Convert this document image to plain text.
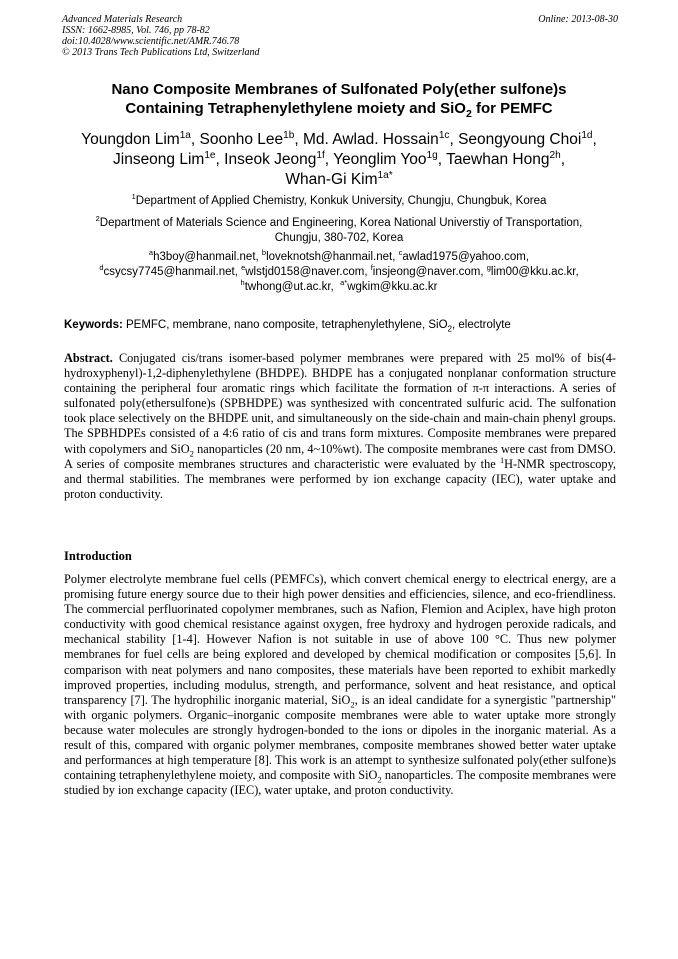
Advanced Materials Research
ISSN: 1662-8985, Vol. 746, pp 78-82
doi:10.4028/www.scientific.net/AMR.746.78
© 2013 Trans Tech Publications Ltd, Switzerland
Online: 2013-08-30
Nano Composite Membranes of Sulfonated Poly(ether sulfone)s
Containing Tetraphenylethylene moiety and SiO$_2$ for PEMFC
Youngdon Lim$^{1a}$, Soonho Lee$^{1b}$, Md. Awlad. Hossain$^{1c}$, Seongyoung Choi$^{1d}$,
Jinseong Lim$^{1e}$, Inseok Jeong$^{1f}$, Yeonglim Yoo$^{1g}$, Taewhan Hong$^{2h}$,
Whan-Gi Kim$^{1a*}$
$^1$Department of Applied Chemistry, Konkuk University, Chungju, Chungbuk, Korea
$^2$Department of Materials Science and Engineering, Korea National Universtiy of Transportation,
Chungju, 380-702, Korea
$^a$h3boy@hanmail.net, $^b$loveknotsh@hanmail.net, $^c$awlad1975@yahoo.com,
$^d$csycsy7745@hanmail.net, $^e$wlstjd0158@naver.com, $^f$insjeong@naver.com, $^g$lim00@kku.ac.kr,
$^h$twhong@ut.ac.kr,  $^{a*}$wgkim@kku.ac.kr
Keywords: PEMFC, membrane, nano composite, tetraphenylethylene, SiO$_2$, electrolyte
Abstract. Conjugated cis/trans isomer-based polymer membranes were prepared with 25 mol% of bis(4-hydroxyphenyl)-1,2-diphenylethylene (BHDPE). BHDPE has a conjugated nonplanar conformation structure containing the peripheral four aromatic rings which facilitate the formation of π-π interactions. A series of sulfonated poly(ethersulfone)s (SPBHDPE) was synthesized with concentrated sulfuric acid. The sulfonation took place selectively on the BHDPE unit, and simultaneously on the side-chain and main-chain phenyl groups. The SPBHDPEs consisted of a 4:6 ratio of cis and trans form mixtures. Composite membranes were prepared with copolymers and SiO$_2$ nanoparticles (20 nm, 4~10%wt). The composite membranes were cast from DMSO. A series of composite membranes structures and characteristic were evaluated by the $^1$H-NMR spectroscopy, and thermal stabilities. The membranes were performed by ion exchange capacity (IEC), water uptake and proton conductivity.
Introduction
Polymer electrolyte membrane fuel cells (PEMFCs), which convert chemical energy to electrical energy, are a promising future energy source due to their high power densities and efficiencies, silence, and eco-friendliness. The commercial perfluorinated copolymer membranes, such as Nafion, Flemion and Aciplex, have high proton conductivity with good chemical resistance against oxygen, free hydroxy and hydrogen peroxide radicals, and mechanical stability [1-4]. However Nafion is not suitable in use of above 100 °C. Thus new polymer membranes for fuel cells are being explored and developed by chemical modification or composites [5,6]. In comparison with neat polymers and nano composites, these materials have been reported to exhibit markedly improved properties, including modulus, strength, and performance, solvent and heat resistance, and optical transparency [7]. The hydrophilic inorganic material, SiO$_2$, is an ideal candidate for a synergistic "partnership" with organic polymers. Organic–inorganic composite membranes were able to water uptake more strongly because water molecules are strongly hydrogen-bonded to the ions or dipoles in the inorganic material. As a result of this, compared with organic polymer membranes, composite membranes showed better water uptake and performances at high temperature [8]. This work is an attempt to synthesize sulfonated poly(ether sulfone)s containing tetraphenylethylene moiety, and composite with SiO$_2$ nanoparticles. The composite membranes were studied by ion exchange capacity (IEC), water uptake, and proton conductivity.
